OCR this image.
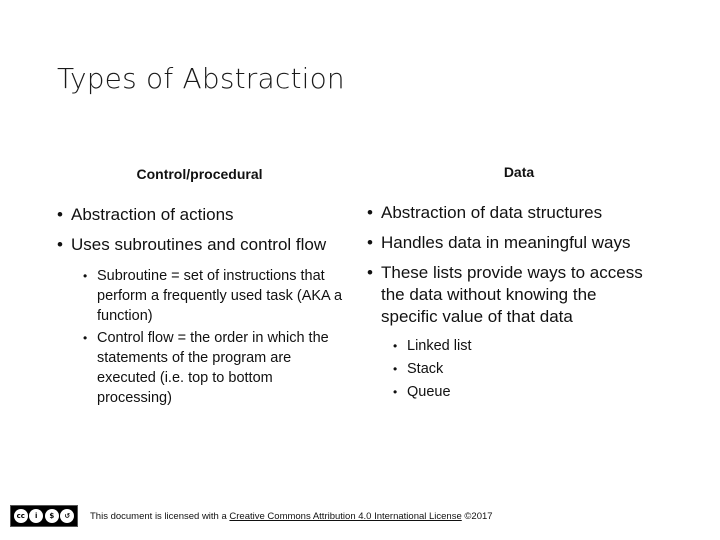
Types of Abstraction
Control/procedural
• Abstraction of actions
• Uses subroutines and control flow
• Subroutine = set of instructions that perform a frequently used task (AKA a function)
• Control flow = the order in which the statements of the program are executed (i.e. top to bottom processing)
Data
• Abstraction of data structures
• Handles data in meaningful ways
• These lists provide ways to access the data without knowing the specific value of that data
• Linked list
• Stack
• Queue
cc	i	$	↺	This document is licensed with a Creative Commons Attribution 4.0 International License ©2017
